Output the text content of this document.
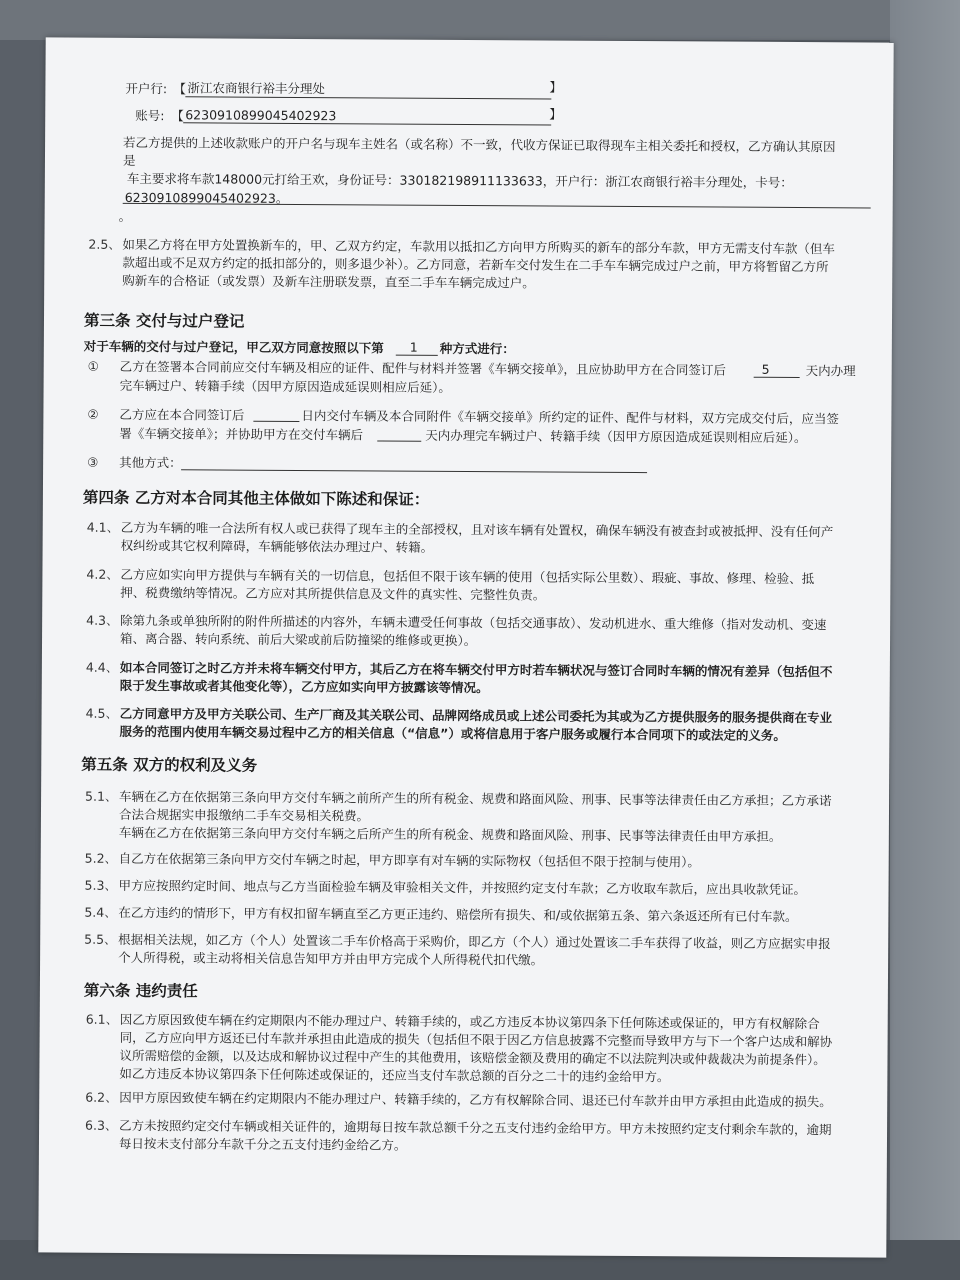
开户行: 【 浙江农商银行裕丰分理处	】
账号: 【 6230910899045402923	】
若乙方提供的上述收款账户的开户名与现车主姓名（或名称）不一致，代收方保证已取得现车主相关委托和授权，乙方确认其原因
是
车主要求将车款148000元打给王欢，身份证号：330182198911133633，开户行：浙江农商银行裕丰分理处，卡号：
6230910899045402923。
。
2.5、 如果乙方将在甲方处置换新车的，甲、乙双方约定，车款用以抵扣乙方向甲方所购买的新车的部分车款，甲方无需支付车款（但车
款超出或不足双方约定的抵扣部分的，则多退少补）。乙方同意，若新车交付发生在二手车车辆完成过户之前，甲方将暂留乙方所
购新车的合格证（或发票）及新车注册联发票，直至二手车车辆完成过户。
第三条 交付与过户登记
对于车辆的交付与过户登记，甲乙双方同意按照以下第 1 种方式进行：
① 乙方在签署本合同前应交付车辆及相应的证件、配件与材料并签署《车辆交接单》，且应协助甲方在合同签订后	5	天内办理
完车辆过户、转籍手续（因甲方原因造成延误则相应后延）。
② 乙方应在本合同签订后	日内交付车辆及本合同附件《车辆交接单》所约定的证件、配件与材料，双方完成交付后，应当签
署《车辆交接单》；并协助甲方在交付车辆后	天内办理完车辆过户、转籍手续（因甲方原因造成延误则相应后延）。
③ 其他方式：
第四条 乙方对本合同其他主体做如下陈述和保证：
4.1、 乙方为车辆的唯一合法所有权人或已获得了现车主的全部授权，且对该车辆有处置权，确保车辆没有被查封或被抵押、没有任何产
权纠纷或其它权利障碍，车辆能够依法办理过户、转籍。
4.2、 乙方应如实向甲方提供与车辆有关的一切信息，包括但不限于该车辆的使用（包括实际公里数）、瑕疵、事故、修理、检验、抵
押、税费缴纳等情况。乙方应对其所提供信息及文件的真实性、完整性负责。
4.3、 除第九条或单独所附的附件所描述的内容外，车辆未遭受任何事故（包括交通事故）、发动机进水、重大维修（指对发动机、变速
箱、离合器、转向系统、前后大梁或前后防撞梁的维修或更换）。
4.4、 如本合同签订之时乙方并未将车辆交付甲方，其后乙方在将车辆交付甲方时若车辆状况与签订合同时车辆的情况有差异（包括但不
限于发生事故或者其他变化等），乙方应如实向甲方披露该等情况。
4.5、 乙方同意甲方及甲方关联公司、生产厂商及其关联公司、品牌网络成员或上述公司委托为其或为乙方提供服务的服务提供商在专业
服务的范围内使用车辆交易过程中乙方的相关信息（“信息”）或将信息用于客户服务或履行本合同项下的或法定的义务。
第五条 双方的权利及义务
5.1、 车辆在乙方在依据第三条向甲方交付车辆之前所产生的所有税金、规费和路面风险、刑事、民事等法律责任由乙方承担；乙方承诺
合法合规据实申报缴纳二手车交易相关税费。
车辆在乙方在依据第三条向甲方交付车辆之后所产生的所有税金、规费和路面风险、刑事、民事等法律责任由甲方承担。
5.2、 自乙方在依据第三条向甲方交付车辆之时起，甲方即享有对车辆的实际物权（包括但不限于控制与使用）。
5.3、 甲方应按照约定时间、地点与乙方当面检验车辆及审验相关文件，并按照约定支付车款；乙方收取车款后，应出具收款凭证。
5.4、 在乙方违约的情形下，甲方有权扣留车辆直至乙方更正违约、赔偿所有损失、和/或依据第五条、第六条返还所有已付车款。
5.5、 根据相关法规，如乙方（个人）处置该二手车价格高于采购价，即乙方（个人）通过处置该二手车获得了收益，则乙方应据实申报
个人所得税，或主动将相关信息告知甲方并由甲方完成个人所得税代扣代缴。
第六条 违约责任
6.1、 因乙方原因致使车辆在约定期限内不能办理过户、转籍手续的，或乙方违反本协议第四条下任何陈述或保证的，甲方有权解除合
同，乙方应向甲方返还已付车款并承担由此造成的损失（包括但不限于因乙方信息披露不完整而导致甲方与下一个客户达成和解协
议所需赔偿的金额，以及达成和解协议过程中产生的其他费用，该赔偿金额及费用的确定不以法院判决或仲裁裁决为前提条件）。
如乙方违反本协议第四条下任何陈述或保证的，还应当支付车款总额的百分之二十的违约金给甲方。
6.2、 因甲方原因致使车辆在约定期限内不能办理过户、转籍手续的，乙方有权解除合同、退还已付车款并由甲方承担由此造成的损失。
6.3、 乙方未按照约定交付车辆或相关证件的，逾期每日按车款总额千分之五支付违约金给甲方。甲方未按照约定支付剩余车款的，逾期
每日按未支付部分车款千分之五支付违约金给乙方。
